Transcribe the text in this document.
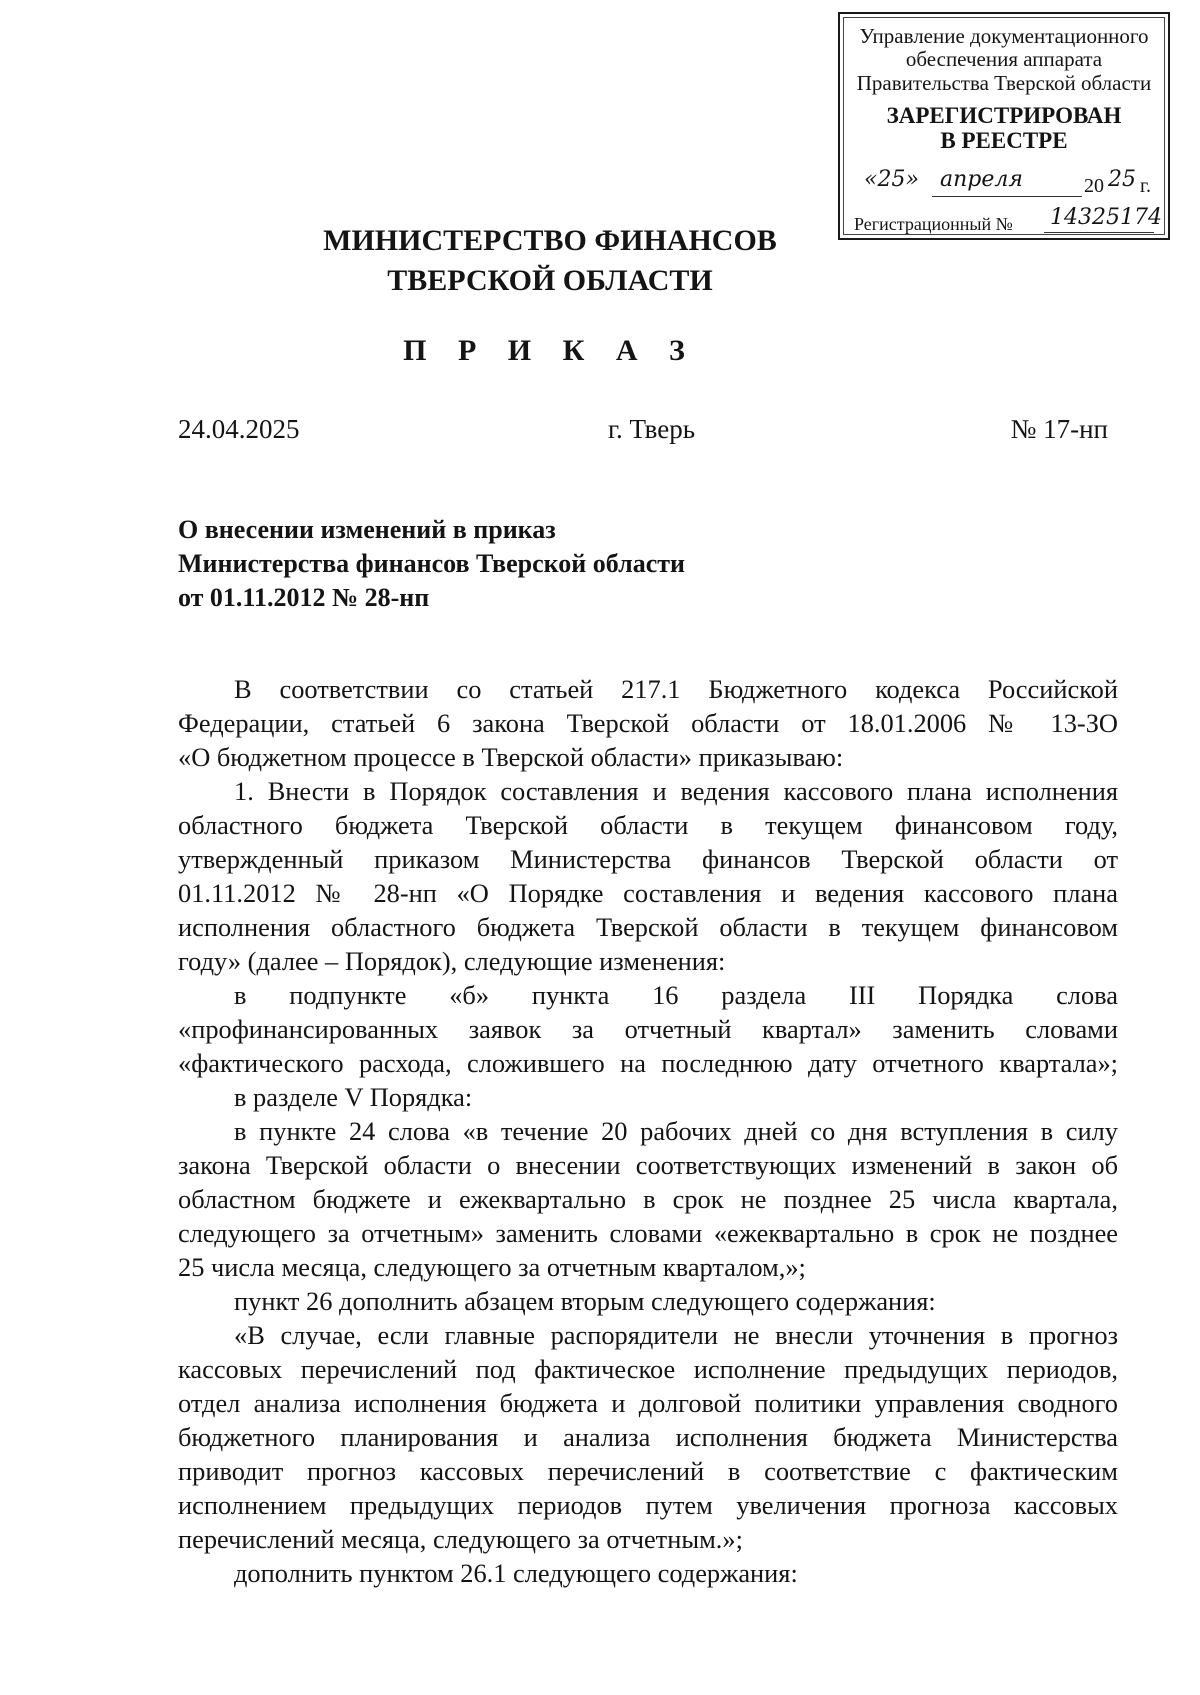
Управление документационного
обеспечения аппарата
Правительства Тверской области
ЗАРЕГИСТРИРОВАН
В РЕЕСТРЕ
«25» апреля	20 25 г.
Регистрационный № 14325174
МИНИСТЕРСТВО ФИНАНСОВ
ТВЕРСКОЙ ОБЛАСТИ
П Р И К А З
24.04.2025	г. Тверь	№ 17-нп
О внесении изменений в приказ
Министерства финансов Тверской области
от 01.11.2012 № 28-нп
В соответствии со статьей 217.1 Бюджетного кодекса Российской
Федерации, статьей 6 закона Тверской области от 18.01.2006 № 13-ЗО
«О бюджетном процессе в Тверской области» приказываю:
1. Внести в Порядок составления и ведения кассового плана исполнения
областного бюджета Тверской области в текущем финансовом году,
утвержденный приказом Министерства финансов Тверской области от
01.11.2012 № 28-нп «О Порядке составления и ведения кассового плана
исполнения областного бюджета Тверской области в текущем финансовом
году» (далее – Порядок), следующие изменения:
в подпункте «б» пункта 16 раздела III Порядка слова
«профинансированных заявок за отчетный квартал» заменить словами
«фактического расхода, сложившего на последнюю дату отчетного квартала»;
в разделе V Порядка:
в пункте 24 слова «в течение 20 рабочих дней со дня вступления в силу
закона Тверской области о внесении соответствующих изменений в закон об
областном бюджете и ежеквартально в срок не позднее 25 числа квартала,
следующего за отчетным» заменить словами «ежеквартально в срок не позднее
25 числа месяца, следующего за отчетным кварталом,»;
пункт 26 дополнить абзацем вторым следующего содержания:
«В случае, если главные распорядители не внесли уточнения в прогноз
кассовых перечислений под фактическое исполнение предыдущих периодов,
отдел анализа исполнения бюджета и долговой политики управления сводного
бюджетного планирования и анализа исполнения бюджета Министерства
приводит прогноз кассовых перечислений в соответствие с фактическим
исполнением предыдущих периодов путем увеличения прогноза кассовых
перечислений месяца, следующего за отчетным.»;
дополнить пунктом 26.1 следующего содержания:
